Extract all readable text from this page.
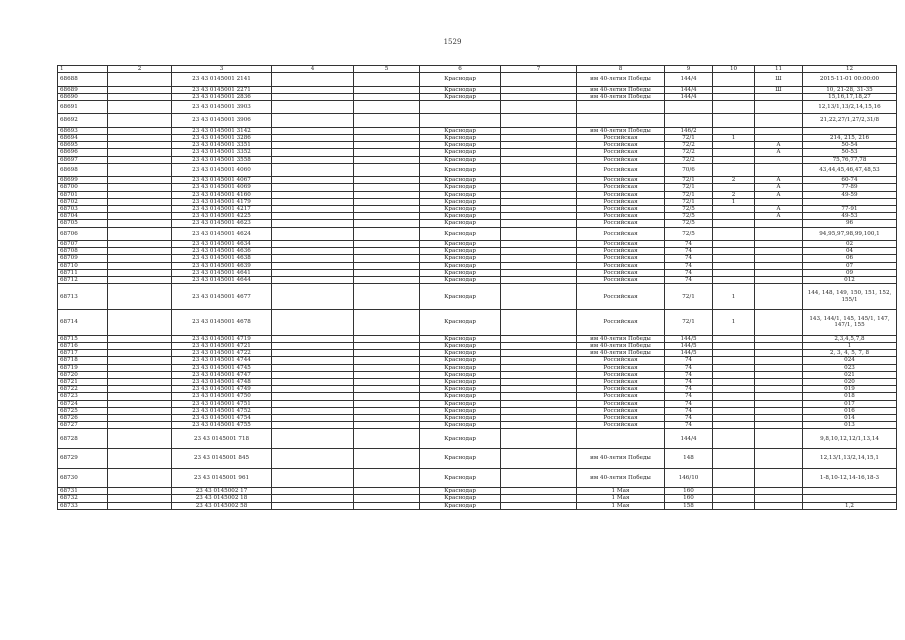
1529
1	2	3	4	5	6	7	8	9	10	11	12
68688		23 43 0145001 2141			Краснодар		им 40-летия Победы	144/4		Ш	2015-11-01 00:00:00
68689		23 43 0145001 2271			Краснодар		им 40-летия Победы	144/4		Ш	10, 21-28, 31-35
68690		23 43 0145001 2836			Краснодар		им 40-летия Победы	144/4			15,16,17,18,27
68691		23 43 0145001 3903									12,13/1,13/2,14,15,16
68692		23 43 0145001 3906									21,22,27/1,27/2,31/8
68693		23 43 0145001 3142			Краснодар		им 40-летия Победы	146/2			
68694		23 43 0145001 3286			Краснодар		Российская	72/1	1		214, 215, 216
68695		23 43 0145001 3351			Краснодар		Российская	72/2		А	50-54
68696		23 43 0145001 3352			Краснодар		Российская	72/2		А	50-53
68697		23 43 0145001 3558			Краснодар		Российская	72/2			75,76,77,78
68698		23 43 0145001 4060			Краснодар		Российская	70/6			43,44,45,46,47,48,53
68699		23 43 0145001 4067			Краснодар		Российская	72/1	2	А	60-74
68700		23 43 0145001 4069			Краснодар		Российская	72/1		А	77-89
68701		23 43 0145001 4160			Краснодар		Российская	72/1	2	А	49-59
68702		23 43 0145001 4179			Краснодар		Российская	72/1	1		
68703		23 43 0145001 4217			Краснодар		Российская	72/5		А	77-91
68704		23 43 0145001 4225			Краснодар		Российская	72/5		А	49-53
68705		23 43 0145001 4623			Краснодар		Российская	72/5			96
68706		23 43 0145001 4624			Краснодар		Российская	72/5			94,95,97,98,99,100,1
68707		23 43 0145001 4634			Краснодар		Российская	74			02
68708		23 43 0145001 4636			Краснодар		Российская	74			04
68709		23 43 0145001 4638			Краснодар		Российская	74			06
68710		23 43 0145001 4639			Краснодар		Российская	74			07
68711		23 43 0145001 4641			Краснодар		Российская	74			09
68712		23 43 0145001 4644			Краснодар		Российская	74			012
68713		23 43 0145001 4677			Краснодар		Российская	72/1	1		144, 148, 149, 150, 151, 152, 155/1
68714		23 43 0145001 4678			Краснодар		Российская	72/1	1		143, 144/1, 145, 145/1, 147, 147/1, 155
68715		23 43 0145001 4719			Краснодар		им 40-летия Победы	144/5			2,3,4,5,7,8
68716		23 43 0145001 4721			Краснодар		им 40-летия Победы	144/5			1
68717		23 43 0145001 4722			Краснодар		им 40-летия Победы	144/5			2, 3, 4, 5, 7, 8
68718		23 43 0145001 4744			Краснодар		Российская	74			024
68719		23 43 0145001 4745			Краснодар		Российская	74			023
68720		23 43 0145001 4747			Краснодар		Российская	74			021
68721		23 43 0145001 4748			Краснодар		Российская	74			020
68722		23 43 0145001 4749			Краснодар		Российская	74			019
68723		23 43 0145001 4750			Краснодар		Российская	74			018
68724		23 43 0145001 4751			Краснодар		Российская	74			017
68725		23 43 0145001 4752			Краснодар		Российская	74			016
68726		23 43 0145001 4754			Краснодар		Российская	74			014
68727		23 43 0145001 4755			Краснодар		Российская	74			013
68728		23 43 0145001 718			Краснодар			144/4			9,8,10,12,12/1,13,14
68729		23 43 0145001 845			Краснодар		им 40-летия Победы	148			12,13/1,13/2,14,15,1
68730		23 43 0145001 961			Краснодар		им 40-летия Победы	146/10			1-8,10-12,14-16,18-3
68731		23 43 0145002 17			Краснодар		1 Мая	160			
68732		23 43 0145002 18			Краснодар		1 Мая	160			
68733		23 43 0145002 58			Краснодар		1 Мая	158			1,2
